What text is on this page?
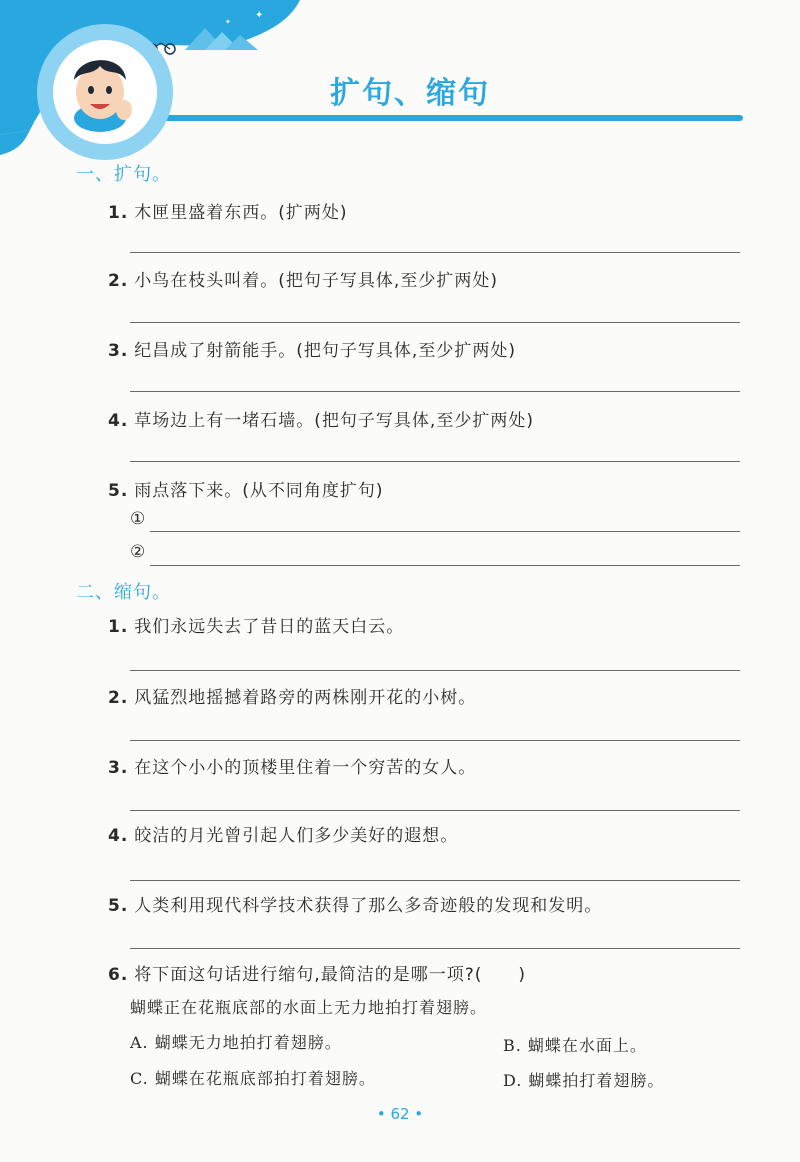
✦
✦
扩句、缩句
一、扩句。
1. 木匣里盛着东西。(扩两处)
2. 小鸟在枝头叫着。(把句子写具体,至少扩两处)
3. 纪昌成了射箭能手。(把句子写具体,至少扩两处)
4. 草场边上有一堵石墙。(把句子写具体,至少扩两处)
5. 雨点落下来。(从不同角度扩句)
①
②
二、缩句。
1. 我们永远失去了昔日的蓝天白云。
2. 风猛烈地摇撼着路旁的两株刚开花的小树。
3. 在这个小小的顶楼里住着一个穷苦的女人。
4. 皎洁的月光曾引起人们多少美好的遐想。
5. 人类利用现代科学技术获得了那么多奇迹般的发现和发明。
6. 将下面这句话进行缩句,最简洁的是哪一项?(　　)
蝴蝶正在花瓶底部的水面上无力地拍打着翅膀。
A. 蝴蝶无力地拍打着翅膀。	B. 蝴蝶在水面上。
C. 蝴蝶在花瓶底部拍打着翅膀。	D. 蝴蝶拍打着翅膀。
• 62 •
